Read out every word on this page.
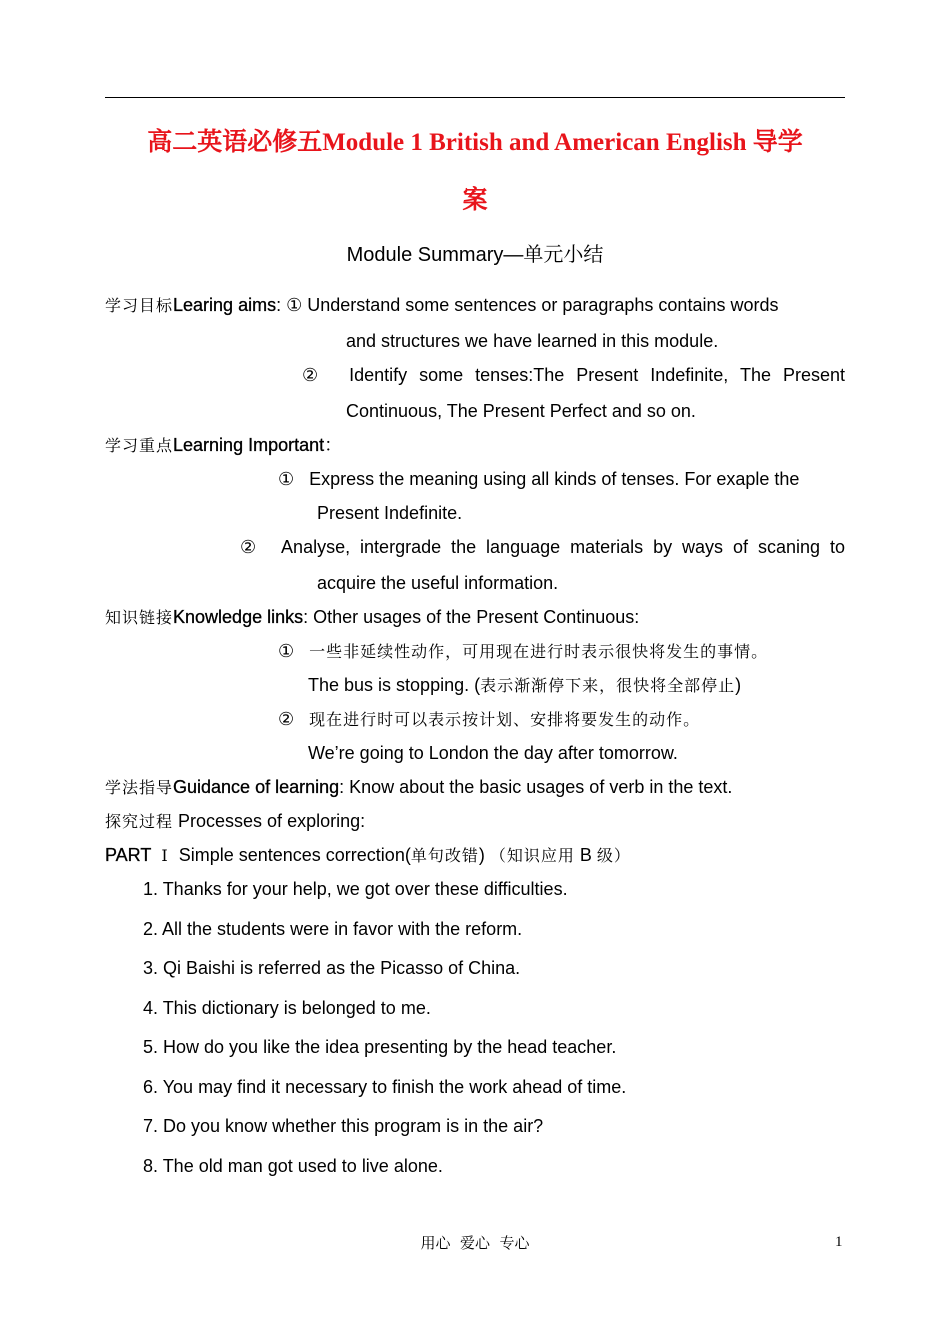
高二英语必修五Module 1 British and American English 导学
案
Module Summary—单元小结
学习目标Learing aims: ① Understand some sentences or paragraphs contains words
and structures we have learned in this module.
② Identify some tenses:The Present Indefinite, The Present
Continuous, The Present Perfect and so on.
学习重点Learning Important：
① Express the meaning using all kinds of tenses. For exaple the
Present Indefinite.
② Analyse, intergrade the language materials by ways of scaning to
acquire the useful information.
知识链接Knowledge links: Other usages of the Present Continuous:
① 一些非延续性动作，可用现在进行时表示很快将发生的事情。
The bus is stopping. (表示渐渐停下来，很快将全部停止)
② 现在进行时可以表示按计划、安排将要发生的动作。
We’re going to London the day after tomorrow.
学法指导Guidance of learning: Know about the basic usages of verb in the text.
探究过程 Processes of exploring:
PART Ⅰ Simple sentences correction(单句改错) （知识应用 B 级）
1. Thanks for your help, we got over these difficulties.
2. All the students were in favor with the reform.
3. Qi Baishi is referred as the Picasso of China.
4. This dictionary is belonged to me.
5. How do you like the idea presenting by the head teacher.
6. You may find it necessary to finish the work ahead of time.
7. Do you know whether this program is in the air?
8. The old man got used to live alone.
用心  爱心  专心	1
